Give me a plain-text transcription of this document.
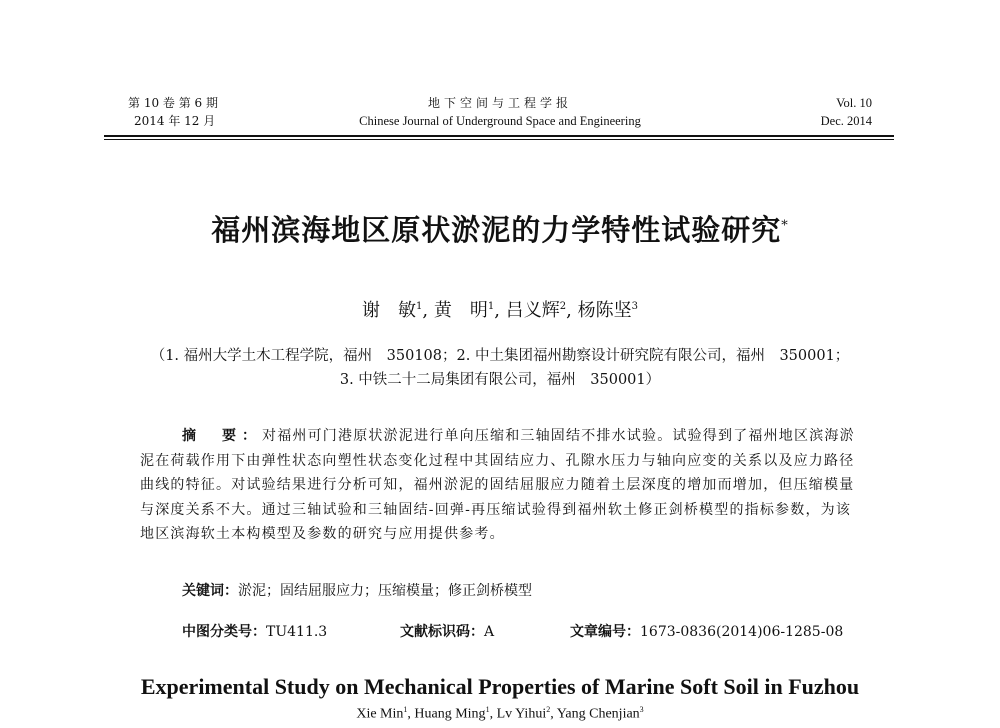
第 10 卷 第 6 期
2014 年 12 月
地下空间与工程学报
Chinese Journal of Underground Space and Engineering
Vol. 10
Dec. 2014
福州滨海地区原状淤泥的力学特性试验研究*
谢　敏$^1$, 黄　明$^1$, 吕义辉$^2$, 杨陈坚$^3$
（1. 福州大学土木工程学院，福州　350108；2. 中土集团福州勘察设计研究院有限公司，福州　350001；
3. 中铁二十二局集团有限公司，福州　350001）
摘　要：对福州可门港原状淤泥进行单向压缩和三轴固结不排水试验。试验得到了福州地区滨海淤泥在荷载作用下由弹性状态向塑性状态变化过程中其固结应力、孔隙水压力与轴向应变的关系以及应力路径曲线的特征。对试验结果进行分析可知，福州淤泥的固结屈服应力随着土层深度的增加而增加，但压缩模量与深度关系不大。通过三轴试验和三轴固结-回弹-再压缩试验得到福州软土修正剑桥模型的指标参数，为该地区滨海软土本构模型及参数的研究与应用提供参考。
关键词：淤泥；固结屈服应力；压缩模量；修正剑桥模型
中图分类号：TU411.3	文献标识码：A	文章编号：1673-0836(2014)06-1285-08
Experimental Study on Mechanical Properties of Marine Soft Soil in Fuzhou
Xie Min$^1$, Huang Ming$^1$, Lv Yihui$^2$, Yang Chenjian$^3$
